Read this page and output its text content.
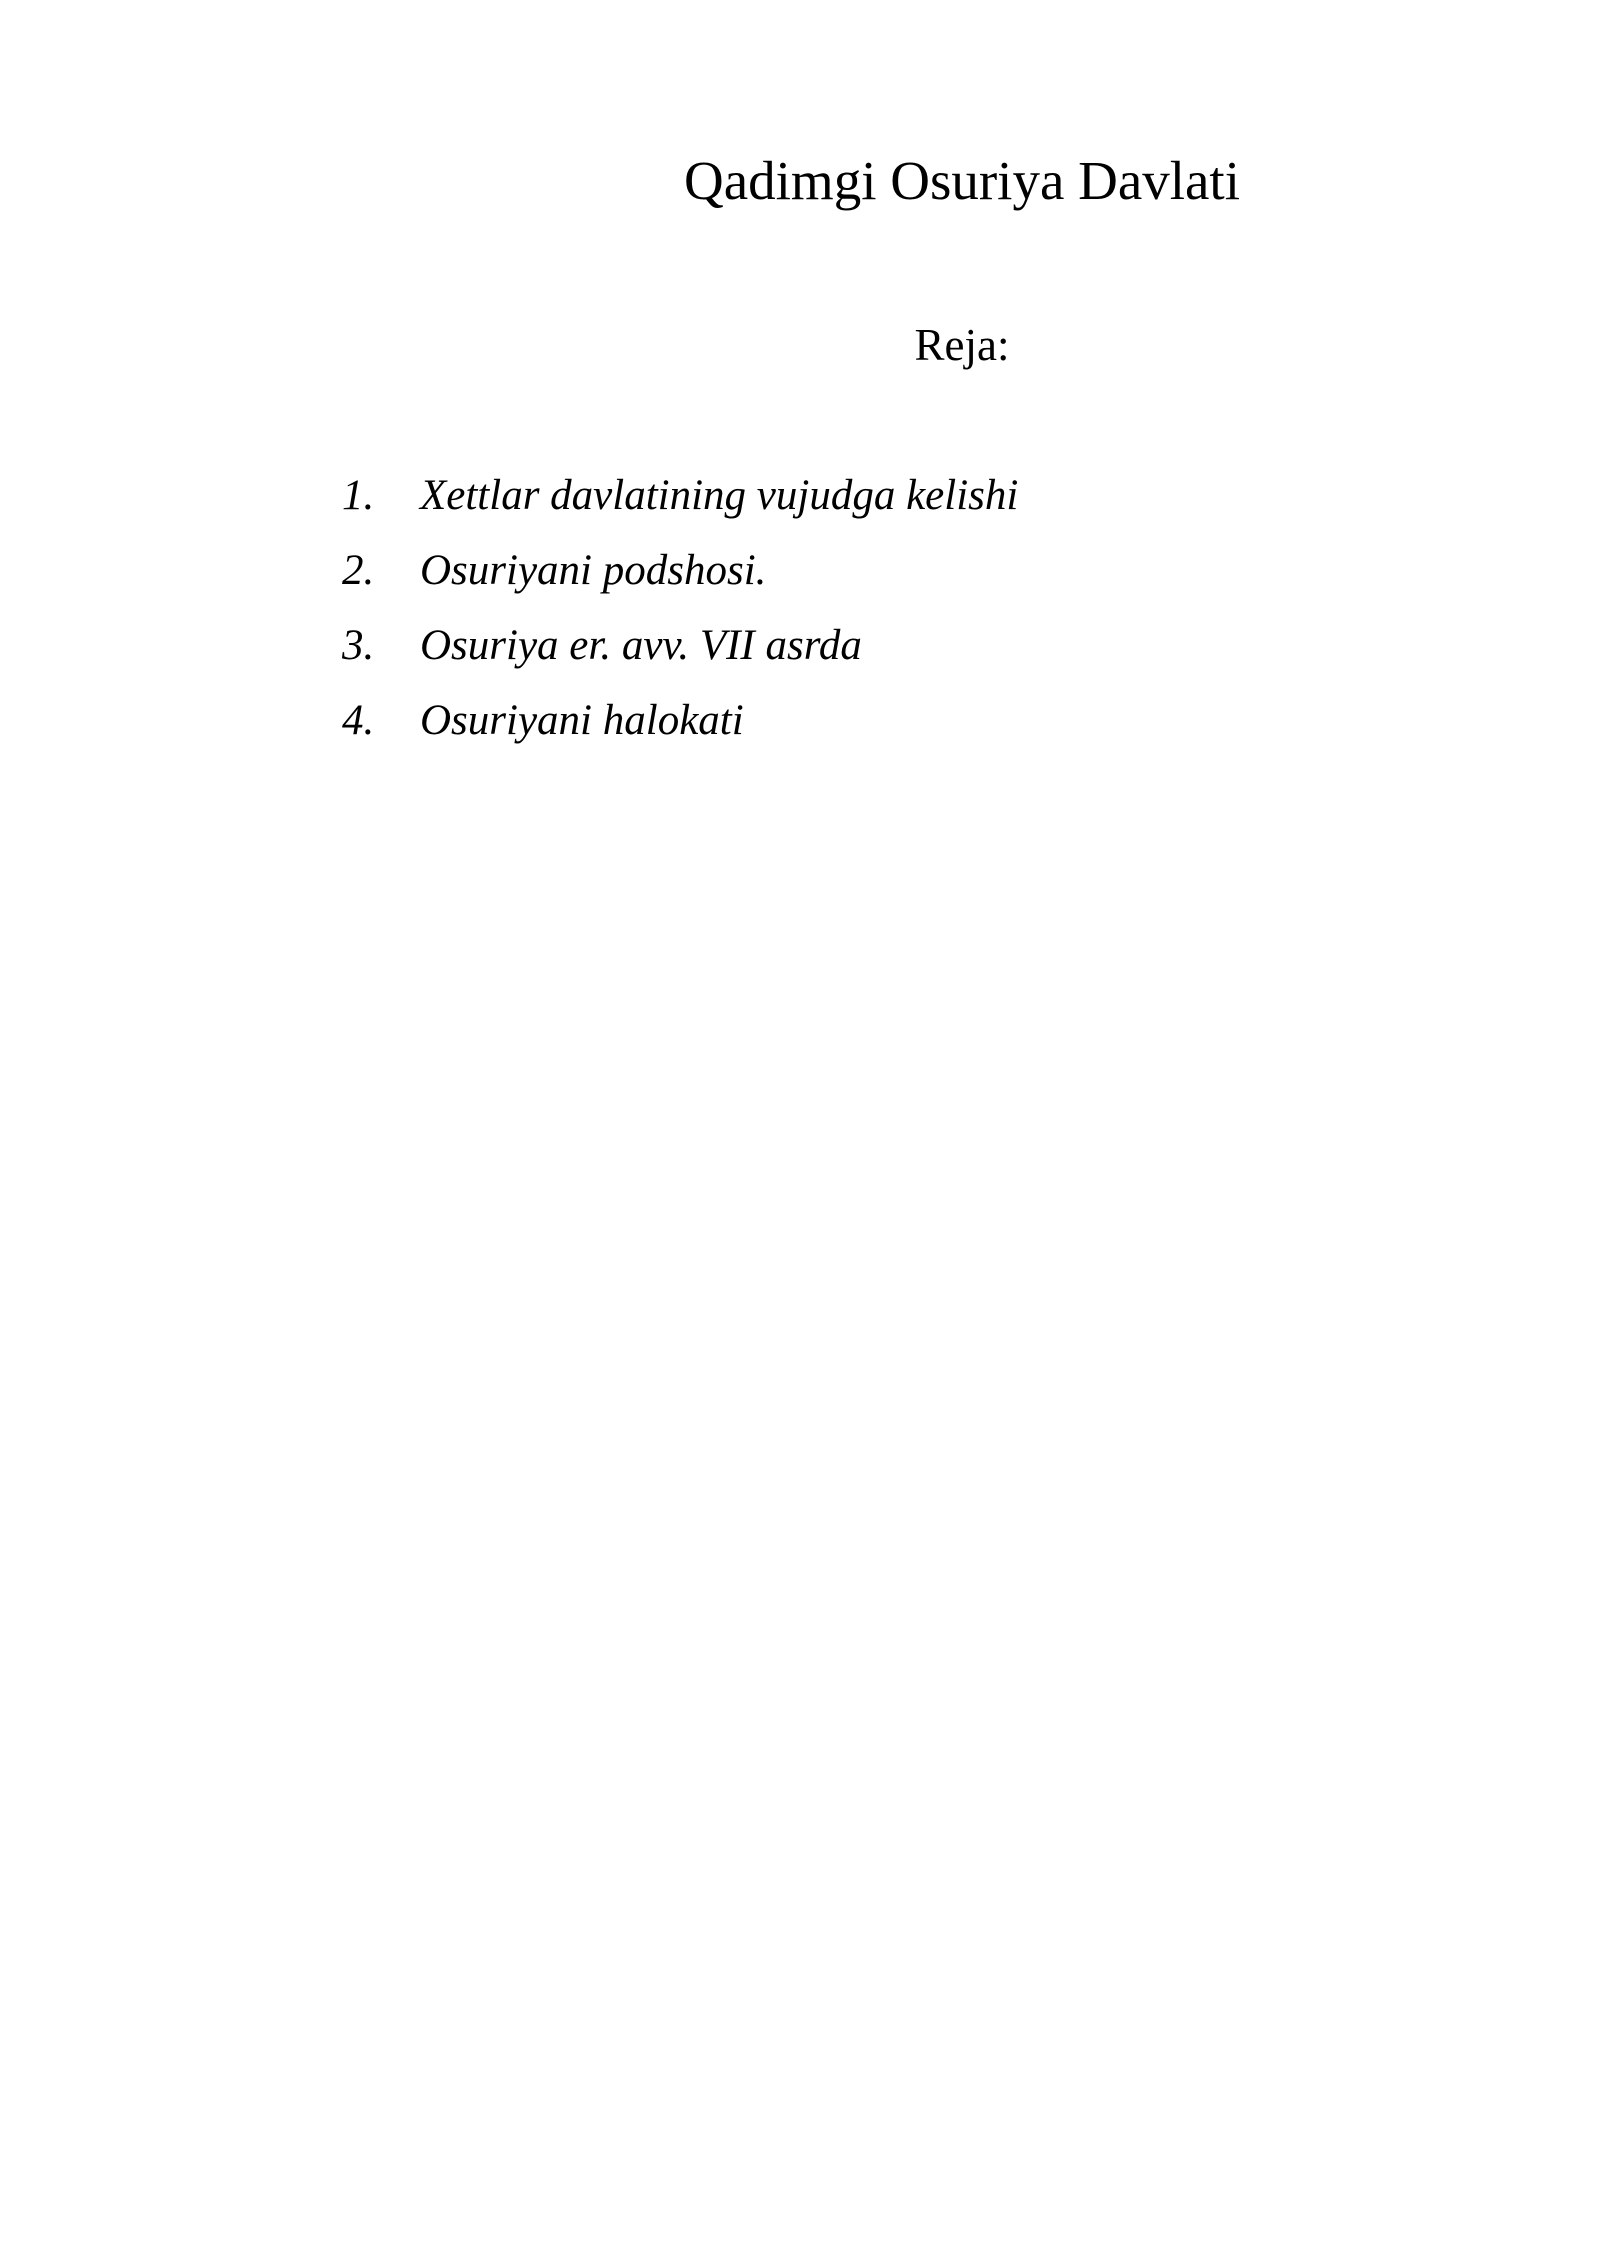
Qadimgi Osuriya Davlati
Reja:
1. Xettlar davlatining vujudga kelishi
2. Osuriyani podshosi.
3. Osuriya er. avv. VII asrda
4. Osuriyani halokati
